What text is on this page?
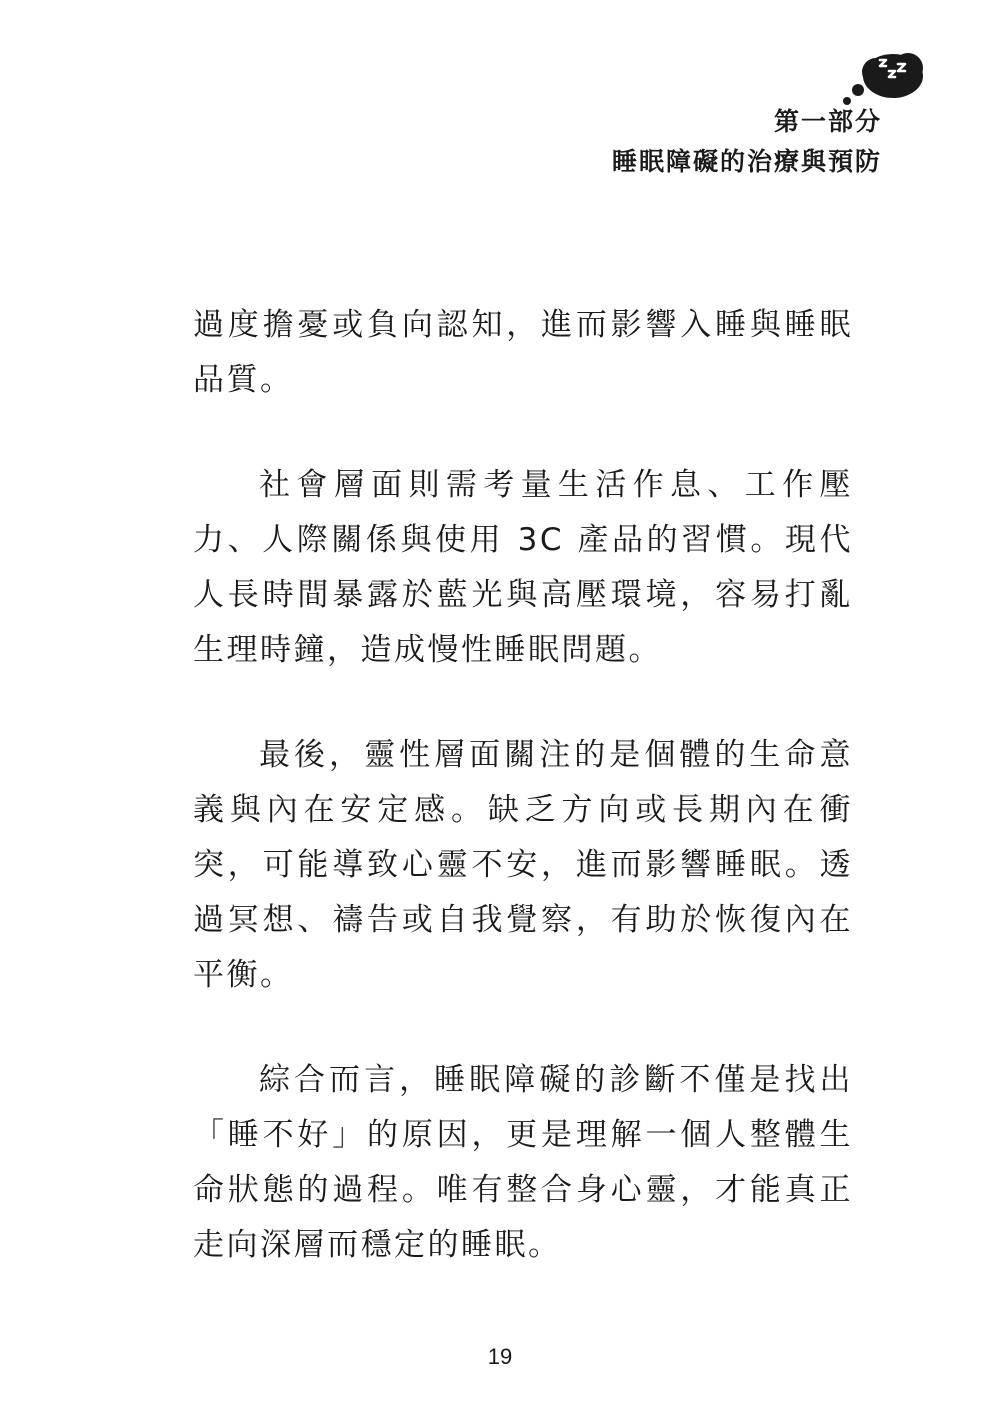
第一部分
睡眠障礙的治療與預防

過度擔憂或負向認知，進而影響入睡與睡眠品質。

社會層面則需考量生活作息、工作壓力、人際關係與使用 3C 產品的習慣。現代人長時間暴露於藍光與高壓環境，容易打亂生理時鐘，造成慢性睡眠問題。

最後，靈性層面關注的是個體的生命意義與內在安定感。缺乏方向或長期內在衝突，可能導致心靈不安，進而影響睡眠。透過冥想、禱告或自我覺察，有助於恢復內在平衡。

綜合而言，睡眠障礙的診斷不僅是找出「睡不好」的原因，更是理解一個人整體生命狀態的過程。唯有整合身心靈，才能真正走向深層而穩定的睡眠。

19
